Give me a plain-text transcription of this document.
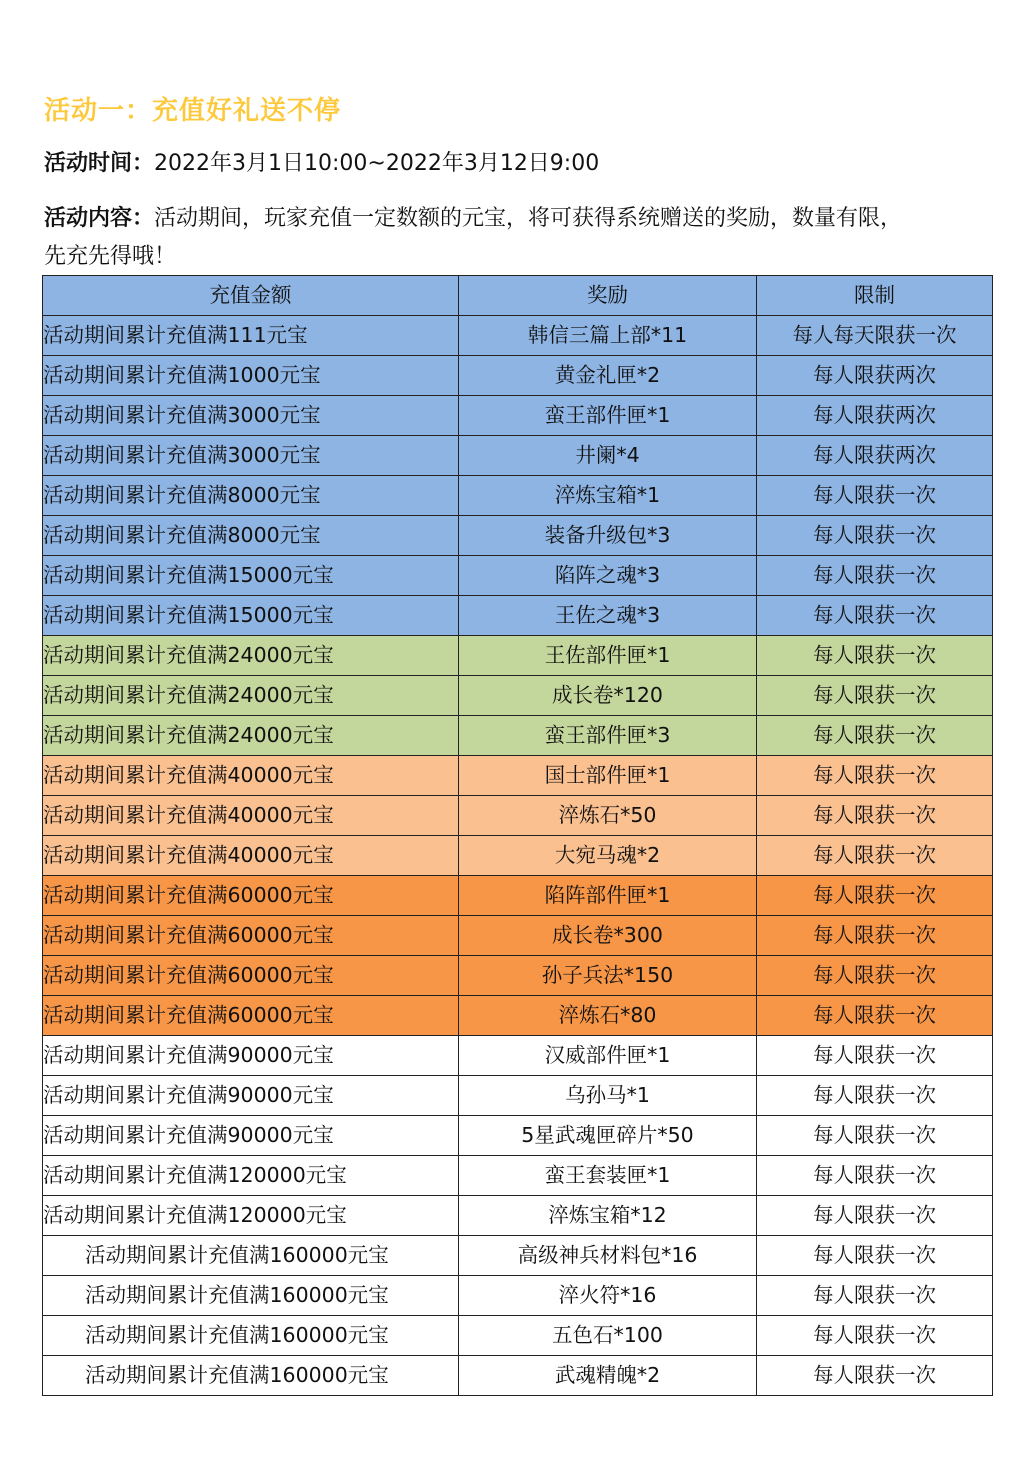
活动一：充值好礼送不停
活动时间：2022年3月1日10:00~2022年3月12日9:00
活动内容：活动期间，玩家充值一定数额的元宝，将可获得系统赠送的奖励，数量有限，
先充先得哦！
充值金额	奖励	限制
活动期间累计充值满111元宝	韩信三篇上部*11	每人每天限获一次
活动期间累计充值满1000元宝	黄金礼匣*2	每人限获两次
活动期间累计充值满3000元宝	蛮王部件匣*1	每人限获两次
活动期间累计充值满3000元宝	井阑*4	每人限获两次
活动期间累计充值满8000元宝	淬炼宝箱*1	每人限获一次
活动期间累计充值满8000元宝	装备升级包*3	每人限获一次
活动期间累计充值满15000元宝	陷阵之魂*3	每人限获一次
活动期间累计充值满15000元宝	王佐之魂*3	每人限获一次
活动期间累计充值满24000元宝	王佐部件匣*1	每人限获一次
活动期间累计充值满24000元宝	成长卷*120	每人限获一次
活动期间累计充值满24000元宝	蛮王部件匣*3	每人限获一次
活动期间累计充值满40000元宝	国士部件匣*1	每人限获一次
活动期间累计充值满40000元宝	淬炼石*50	每人限获一次
活动期间累计充值满40000元宝	大宛马魂*2	每人限获一次
活动期间累计充值满60000元宝	陷阵部件匣*1	每人限获一次
活动期间累计充值满60000元宝	成长卷*300	每人限获一次
活动期间累计充值满60000元宝	孙子兵法*150	每人限获一次
活动期间累计充值满60000元宝	淬炼石*80	每人限获一次
活动期间累计充值满90000元宝	汉威部件匣*1	每人限获一次
活动期间累计充值满90000元宝	乌孙马*1	每人限获一次
活动期间累计充值满90000元宝	5星武魂匣碎片*50	每人限获一次
活动期间累计充值满120000元宝	蛮王套装匣*1	每人限获一次
活动期间累计充值满120000元宝	淬炼宝箱*12	每人限获一次
活动期间累计充值满160000元宝	高级神兵材料包*16	每人限获一次
活动期间累计充值满160000元宝	淬火符*16	每人限获一次
活动期间累计充值满160000元宝	五色石*100	每人限获一次
活动期间累计充值满160000元宝	武魂精魄*2	每人限获一次
